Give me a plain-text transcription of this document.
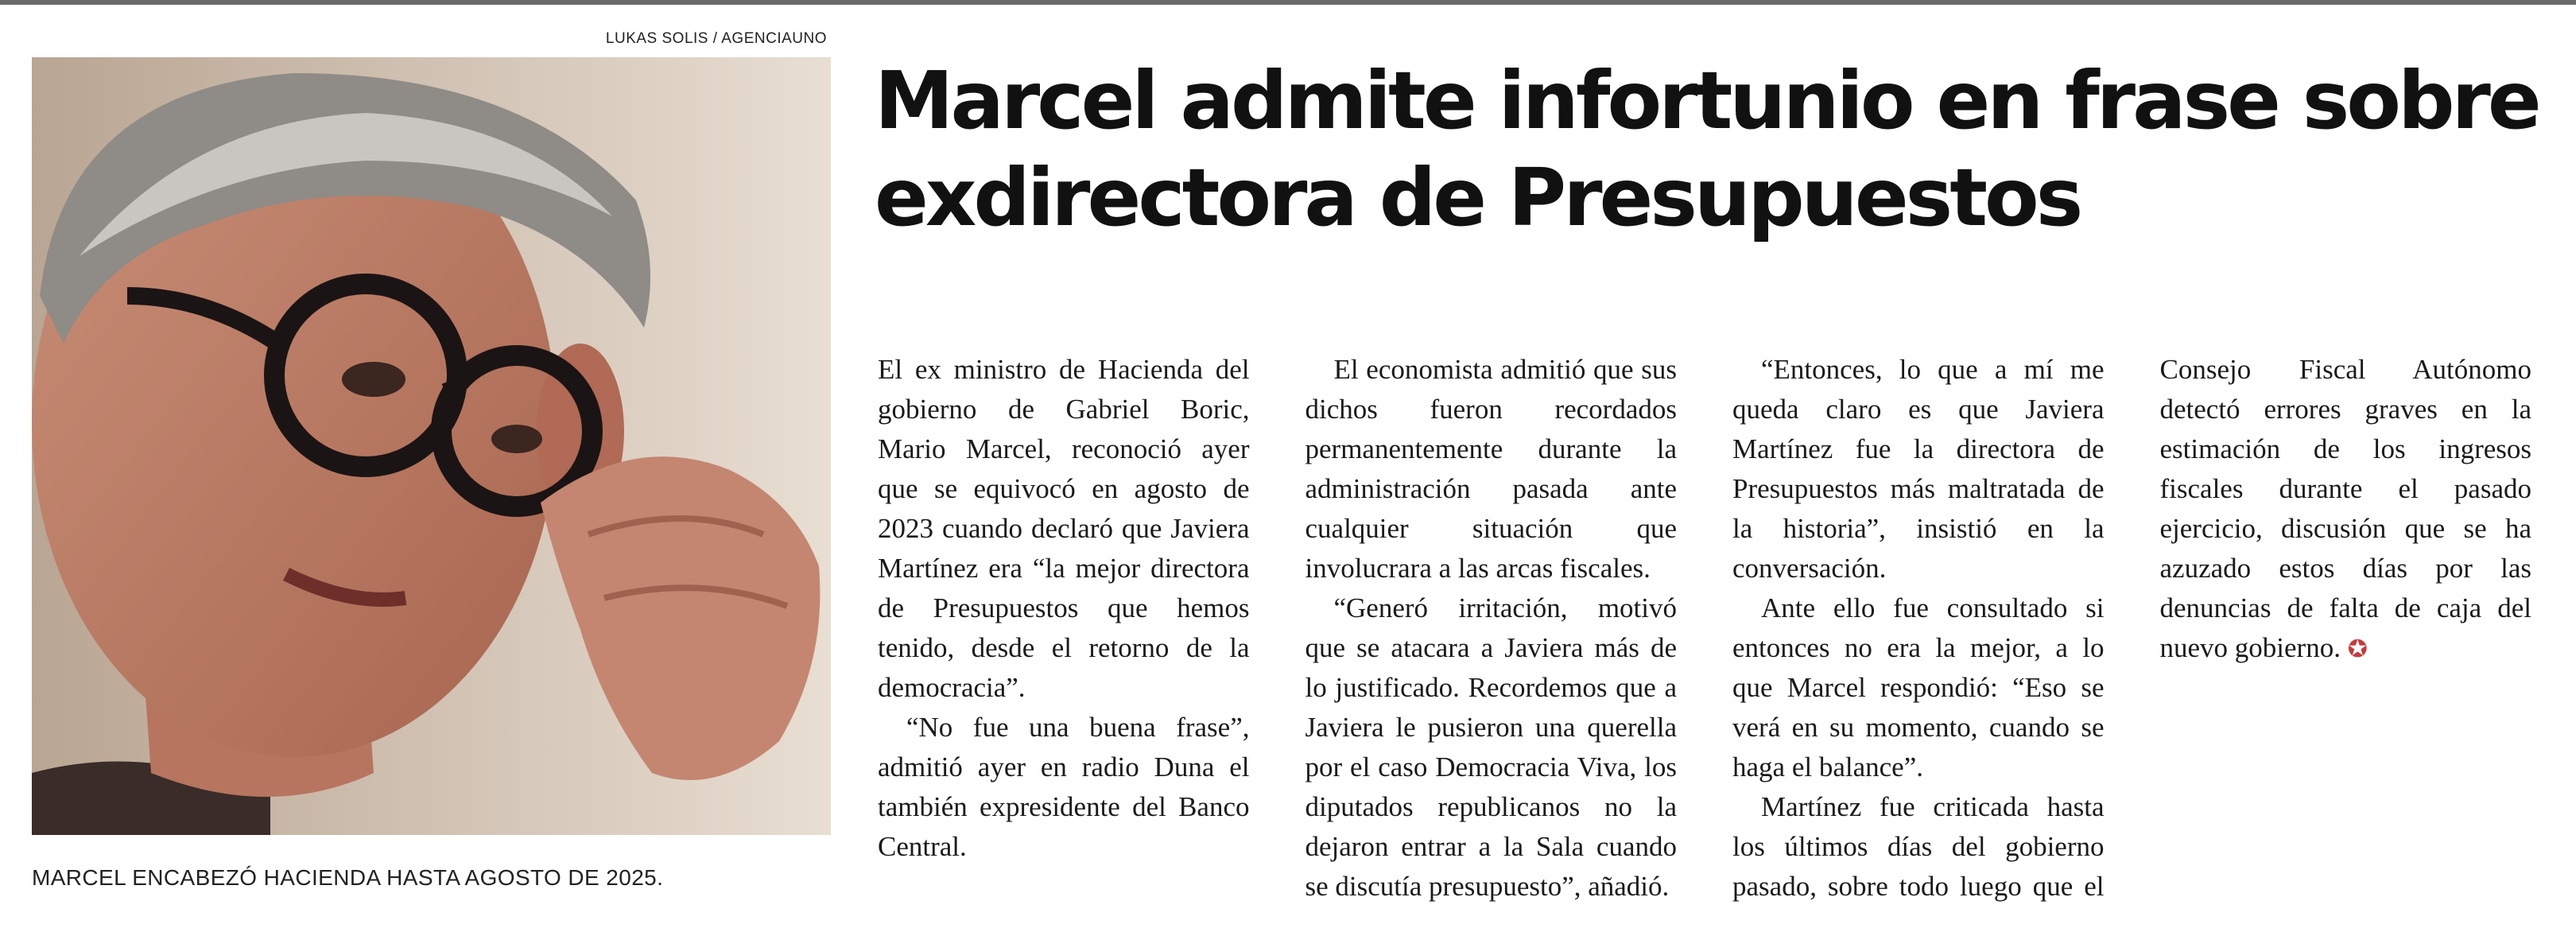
LUKAS SOLIS / AGENCIAUNO
MARCEL ENCABEZÓ HACIENDA HASTA AGOSTO DE 2025.
Marcel admite infortunio en frase sobre exdirectora de Presupuestos

El ex ministro de Hacienda del gobierno de Gabriel Boric, Mario Marcel, reconoció ayer que se equivocó en agosto de 2023 cuando declaró que Javiera Martínez era “la mejor directora de Presupuestos que hemos tenido, desde el retorno de la democracia”.

“No fue una buena frase”, admitió ayer en radio Duna el también expresidente del Banco Central.

El economista admitió que sus dichos fueron recordados permanentemente durante la administración pasada ante cualquier situación que involucrara a las arcas fiscales.

“Generó irritación, motivó que se atacara a Javiera más de lo justificado. Recordemos que a Javiera le pusieron una querella por el caso Democracia Viva, los diputados republicanos no la dejaron entrar a la Sala cuando se discutía presupuesto”, añadió.

“Entonces, lo que a mí me queda claro es que Javiera Martínez fue la directora de Presupuestos más maltratada de la historia”, insistió en la conversación.

Ante ello fue consultado si entonces no era la mejor, a lo que Marcel respondió: “Eso se verá en su momento, cuando se haga el balance”.

Martínez fue criticada hasta los últimos días del gobierno pasado, sobre todo luego que el Consejo Fiscal Autónomo detectó errores graves en la estimación de los ingresos fiscales durante el pasado ejercicio, discusión que se ha azuzado estos días por las denuncias de falta de caja del nuevo gobierno. ✪
